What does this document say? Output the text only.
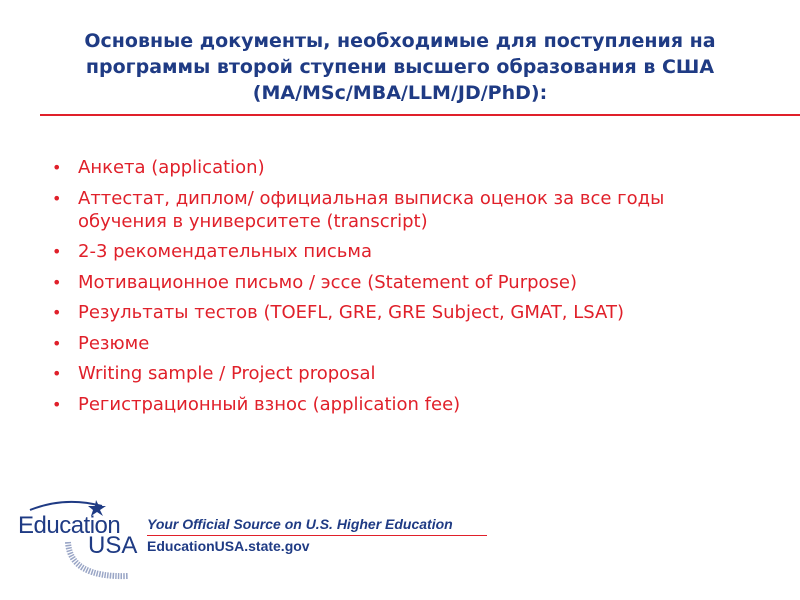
Основные документы, необходимые для поступления на
программы второй ступени высшего образования в США
(MA/MSc/MBA/LLM/JD/PhD):
• Анкета (application)
• Аттестат, диплом/ официальная выписка оценок за все годы обучения в университете (transcript)
• 2-3 рекомендательных письма
• Мотивационное письмо / эссе (Statement of Purpose)
• Результаты тестов (TOEFL, GRE, GRE Subject, GMAT, LSAT)
• Резюме
• Writing sample / Project proposal
• Регистрационный взнос (application fee)
Education
USA
Your Official Source on U.S. Higher Education
EducationUSA.state.gov
